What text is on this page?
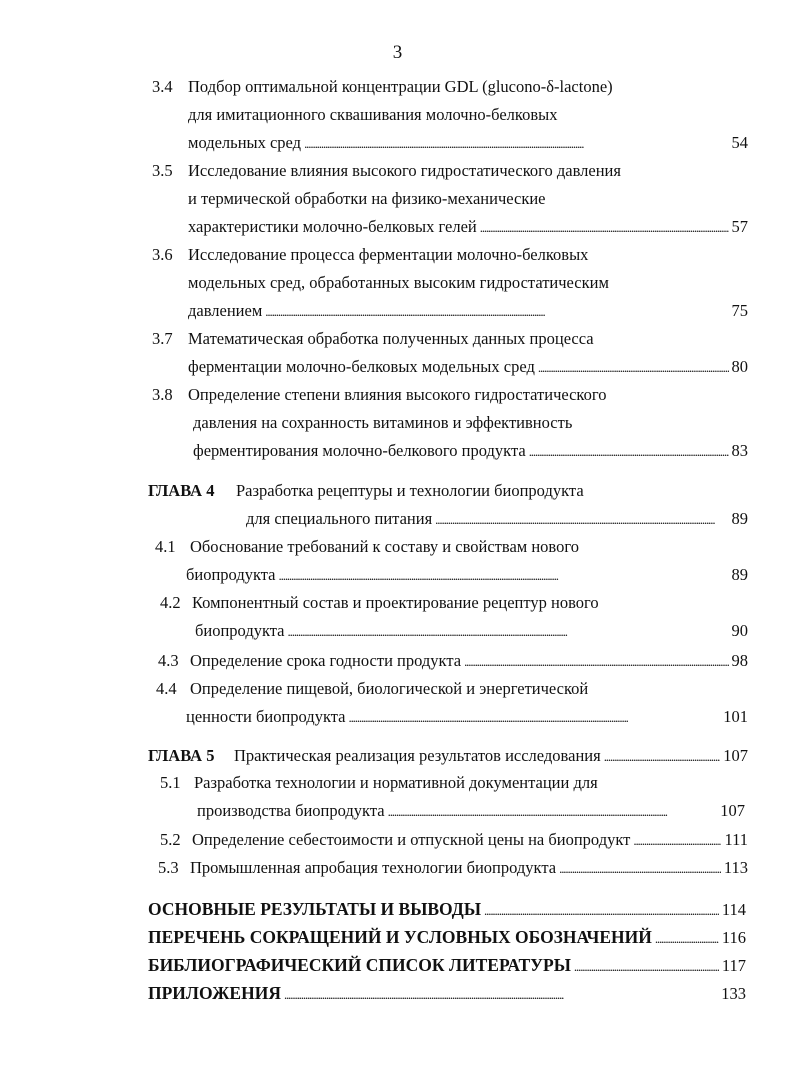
3
3.4 Подбор оптимальной концентрации GDL (glucono-δ-lactone)
для имитационного сквашивания молочно-белковых
модельных сред . . .	54
3.5 Исследование влияния высокого гидростатического давления
и термической обработки на физико-механические
характеристики молочно-белковых гелей . . .	57
3.6 Исследование процесса ферментации молочно-белковых
модельных сред, обработанных высоким гидростатическим
давлением . . .	75
3.7 Математическая обработка полученных данных процесса
ферментации молочно-белковых модельных сред . . .	80
3.8 Определение степени влияния высокого гидростатического
давления на сохранность витаминов и эффективность
ферментирования молочно-белкового продукта . . .	83
ГЛАВА 4 Разработка рецептуры и технологии биопродукта
для специального питания . . .	89
4.1 Обоснование требований к составу и свойствам нового
биопродукта . . .	89
4.2 Компонентный состав и проектирование рецептур нового
биопродукта . . .	90
4.3 Определение срока годности продукта . . .	98
4.4 Определение пищевой, биологической и энергетической
ценности биопродукта . . .	101
ГЛАВА 5 Практическая реализация результатов исследования . . .	107
5.1 Разработка технологии и нормативной документации для
производства биопродукта . . .	107
5.2 Определение себестоимости и отпускной цены на биопродукт . . .	111
5.3 Промышленная апробация технологии биопродукта . . .	113
ОСНОВНЫЕ РЕЗУЛЬТАТЫ И ВЫВОДЫ . . .	114
ПЕРЕЧЕНЬ СОКРАЩЕНИЙ И УСЛОВНЫХ ОБОЗНАЧЕНИЙ . . .	116
БИБЛИОГРАФИЧЕСКИЙ СПИСОК ЛИТЕРАТУРЫ . . .	117
ПРИЛОЖЕНИЯ . . .	133
